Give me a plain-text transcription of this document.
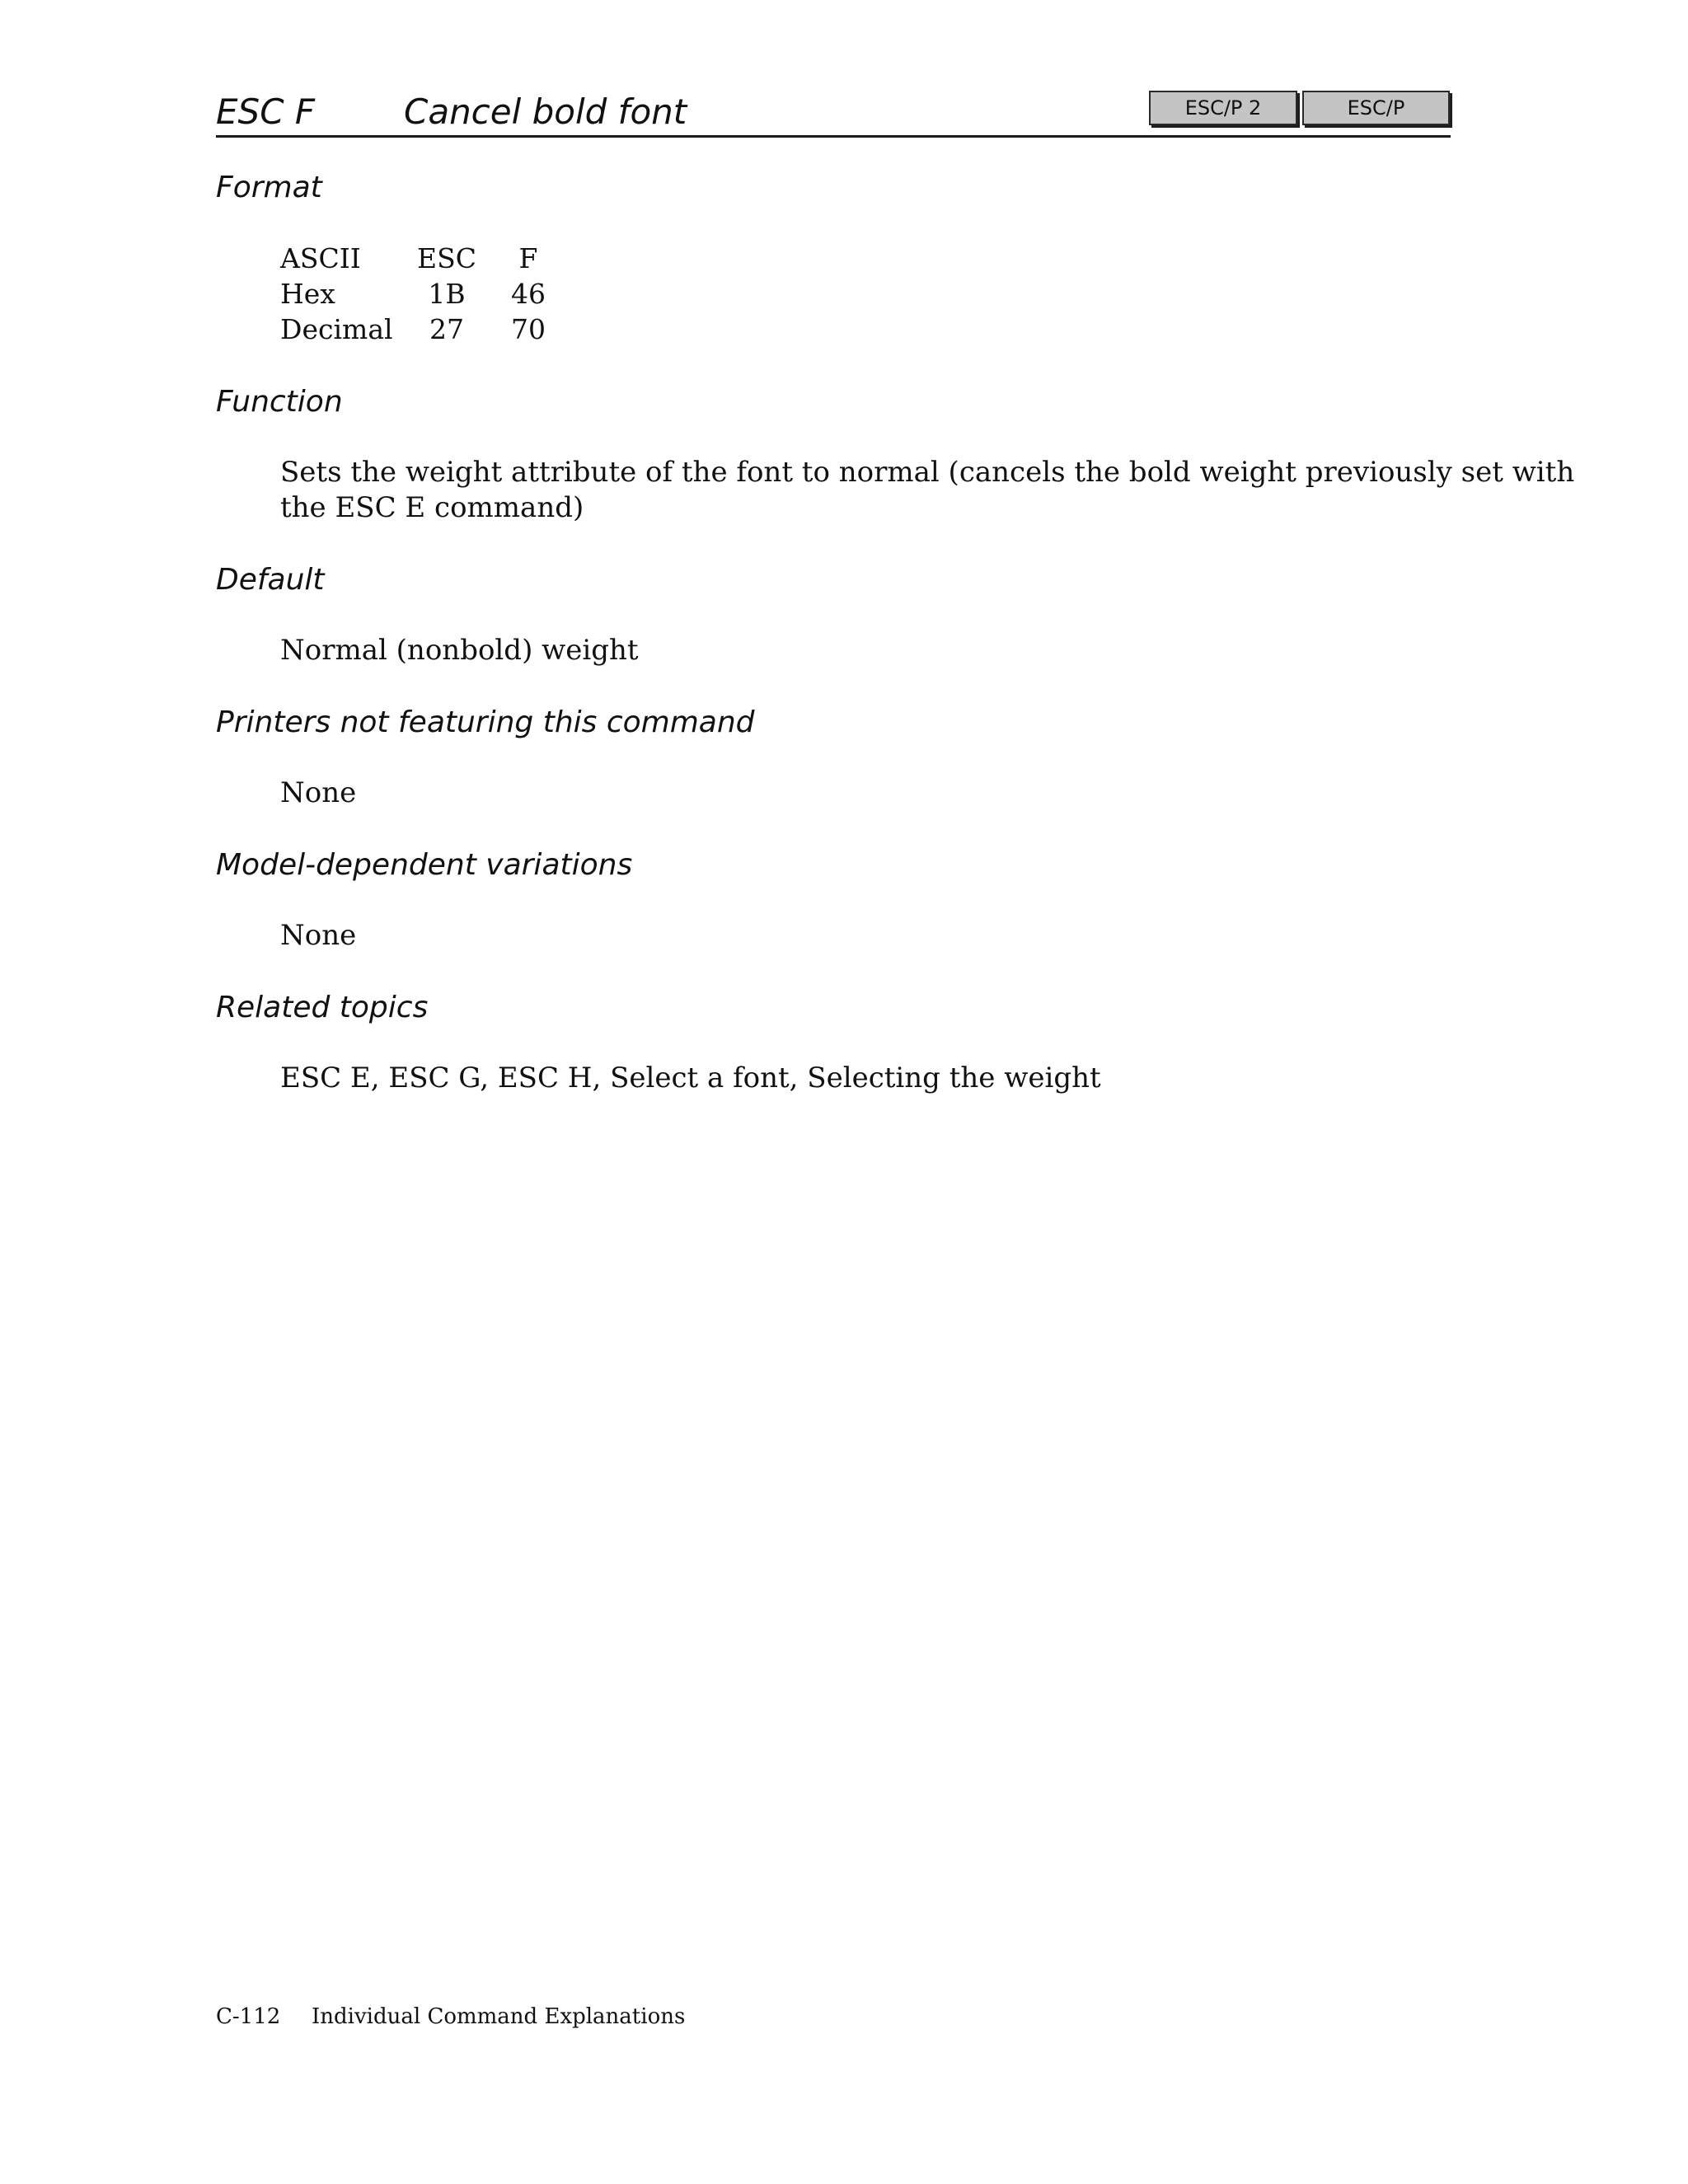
ESC F	Cancel bold font	ESC/P 2	ESC/P
Format
ASCII	ESC		F
Hex	1B		46
Decimal	27		70
Function

Sets the weight attribute of the font to normal (cancels the bold weight previously set with

the ESC E command)

Default

Normal (nonbold) weight

Printers not featuring this command

None

Model-dependent variations

None

Related topics

ESC E, ESC G, ESC H, Select a font, Selecting the weight

C-112 Individual Command Explanations
